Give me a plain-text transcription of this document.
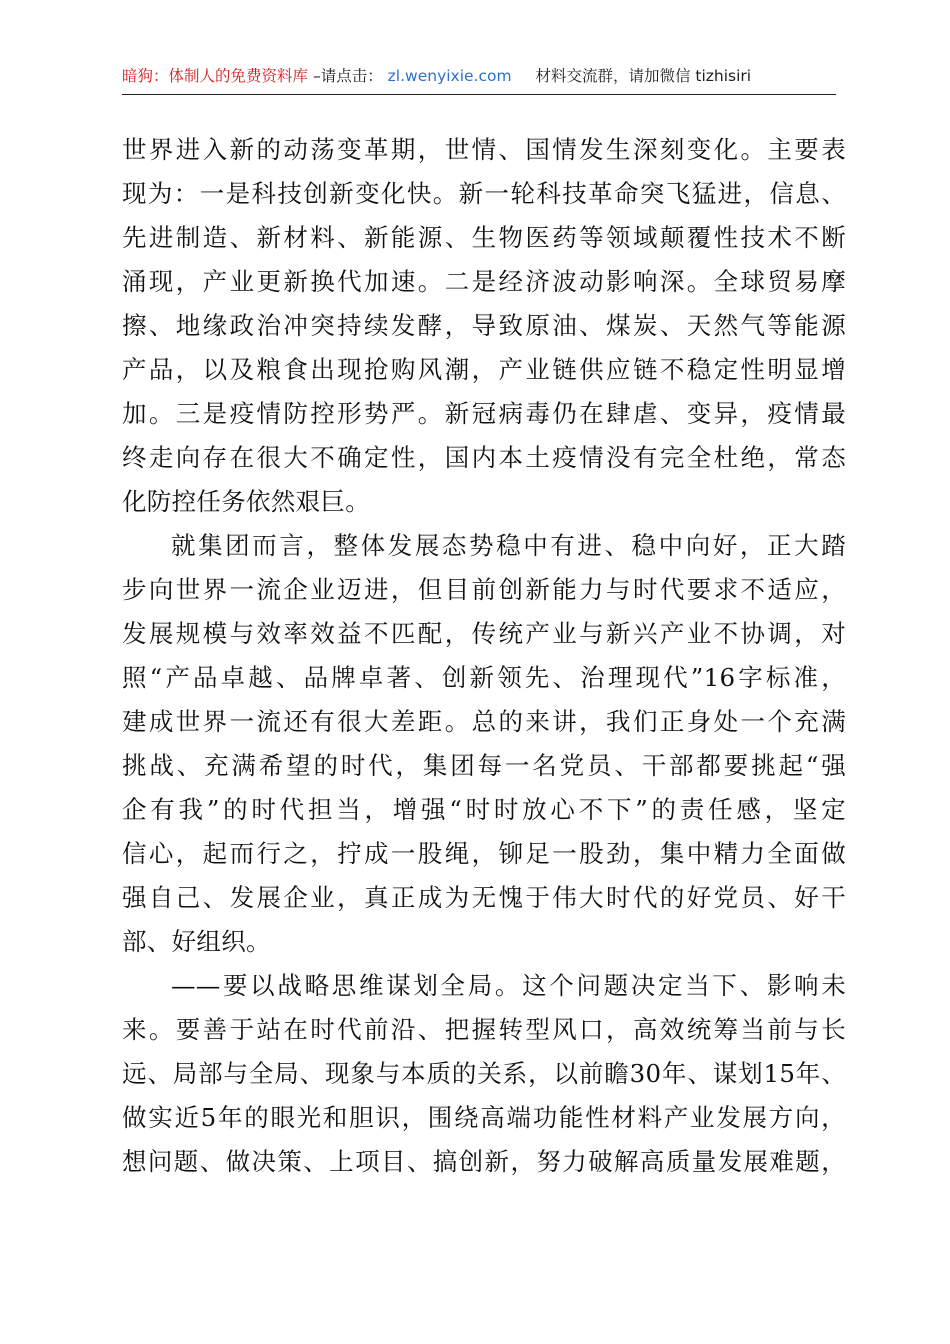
暗狗：体制人的免费资料库 –请点击： zl.wenyixie.com 材料交流群，请加微信 tizhisiri
世界进入新的动荡变革期，世情、国情发生深刻变化。主要表
现为：一是科技创新变化快。新一轮科技革命突飞猛进，信息、
先进制造、新材料、新能源、生物医药等领域颠覆性技术不断
涌现，产业更新换代加速。二是经济波动影响深。全球贸易摩
擦、地缘政治冲突持续发酵，导致原油、煤炭、天然气等能源
产品，以及粮食出现抢购风潮，产业链供应链不稳定性明显增
加。三是疫情防控形势严。新冠病毒仍在肆虐、变异，疫情最
终走向存在很大不确定性，国内本土疫情没有完全杜绝，常态
化防控任务依然艰巨。
就集团而言，整体发展态势稳中有进、稳中向好，正大踏
步向世界一流企业迈进，但目前创新能力与时代要求不适应，
发展规模与效率效益不匹配，传统产业与新兴产业不协调，对
照“产品卓越、品牌卓著、创新领先、治理现代”16字标准，
建成世界一流还有很大差距。总的来讲，我们正身处一个充满
挑战、充满希望的时代，集团每一名党员、干部都要挑起“强
企有我”的时代担当，增强“时时放心不下”的责任感，坚定
信心，起而行之，拧成一股绳，铆足一股劲，集中精力全面做
强自己、发展企业，真正成为无愧于伟大时代的好党员、好干
部、好组织。
——要以战略思维谋划全局。这个问题决定当下、影响未
来。要善于站在时代前沿、把握转型风口，高效统筹当前与长
远、局部与全局、现象与本质的关系，以前瞻30年、谋划15年、
做实近5年的眼光和胆识，围绕高端功能性材料产业发展方向，
想问题、做决策、上项目、搞创新，努力破解高质量发展难题，
